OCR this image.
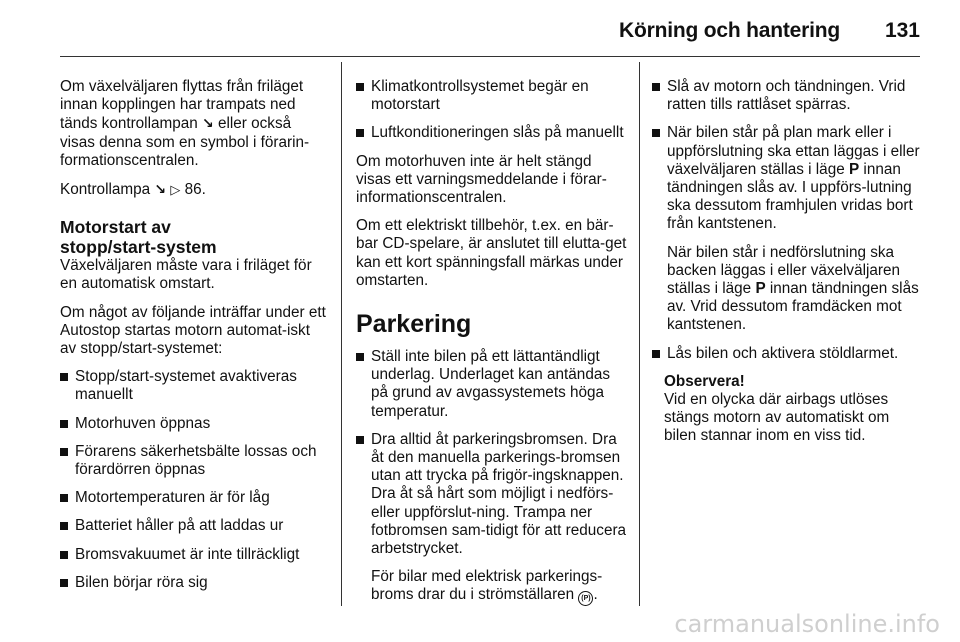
Körning och hantering 131

Om växelväljaren flyttas från friläget innan kopplingen har trampats ned tänds kontrollampan ↘ eller också visas denna som en symbol i förarin-formationscentralen.

Kontrollampa ↘ ▷ 86.

Motorstart av
stopp/start-system

Växelväljaren måste vara i friläget för en automatisk omstart.

Om något av följande inträffar under ett Autostop startas motorn automat-iskt av stopp/start-systemet:

Stopp/start-systemet avaktiveras manuellt
Motorhuven öppnas
Förarens säkerhetsbälte lossas och förardörren öppnas
Motortemperaturen är för låg
Batteriet håller på att laddas ur
Bromsvakuumet är inte tillräckligt
Bilen börjar röra sig
Klimatkontrollsystemet begär en motorstart
Luftkonditioneringen slås på manuellt

Om motorhuven inte är helt stängd visas ett varningsmeddelande i förar-informationscentralen.

Om ett elektriskt tillbehör, t.ex. en bär-bar CD-spelare, är anslutet till elutta-get kan ett kort spänningsfall märkas under omstarten.

Parkering
Ställ inte bilen på ett lättantändligt underlag. Underlaget kan antändas på grund av avgassystemets höga temperatur.
Dra alltid åt parkeringsbromsen. Dra åt den manuella parkerings-bromsen utan att trycka på frigör-ingsknappen. Dra åt så hårt som möjligt i nedförs- eller uppförslut-ning. Trampa ner fotbromsen sam-tidigt för att reducera arbetstrycket.
För bilar med elektrisk parkerings-broms drar du i strömställaren (P) .
Slå av motorn och tändningen. Vrid ratten tills rattlåset spärras.
När bilen står på plan mark eller i uppförslutning ska ettan läggas i eller växelväljaren ställas i läge P innan tändningen slås av. I uppförs-lutning ska dessutom framhjulen vridas bort från kantstenen.
När bilen står i nedförslutning ska backen läggas i eller växelväljaren ställas i läge P innan tändningen slås av. Vrid dessutom framdäcken mot kantstenen.
Lås bilen och aktivera stöldlarmet.
Observera!
Vid en olycka där airbags utlöses stängs motorn av automatiskt om bilen stannar inom en viss tid.
carmanualsonline.info
